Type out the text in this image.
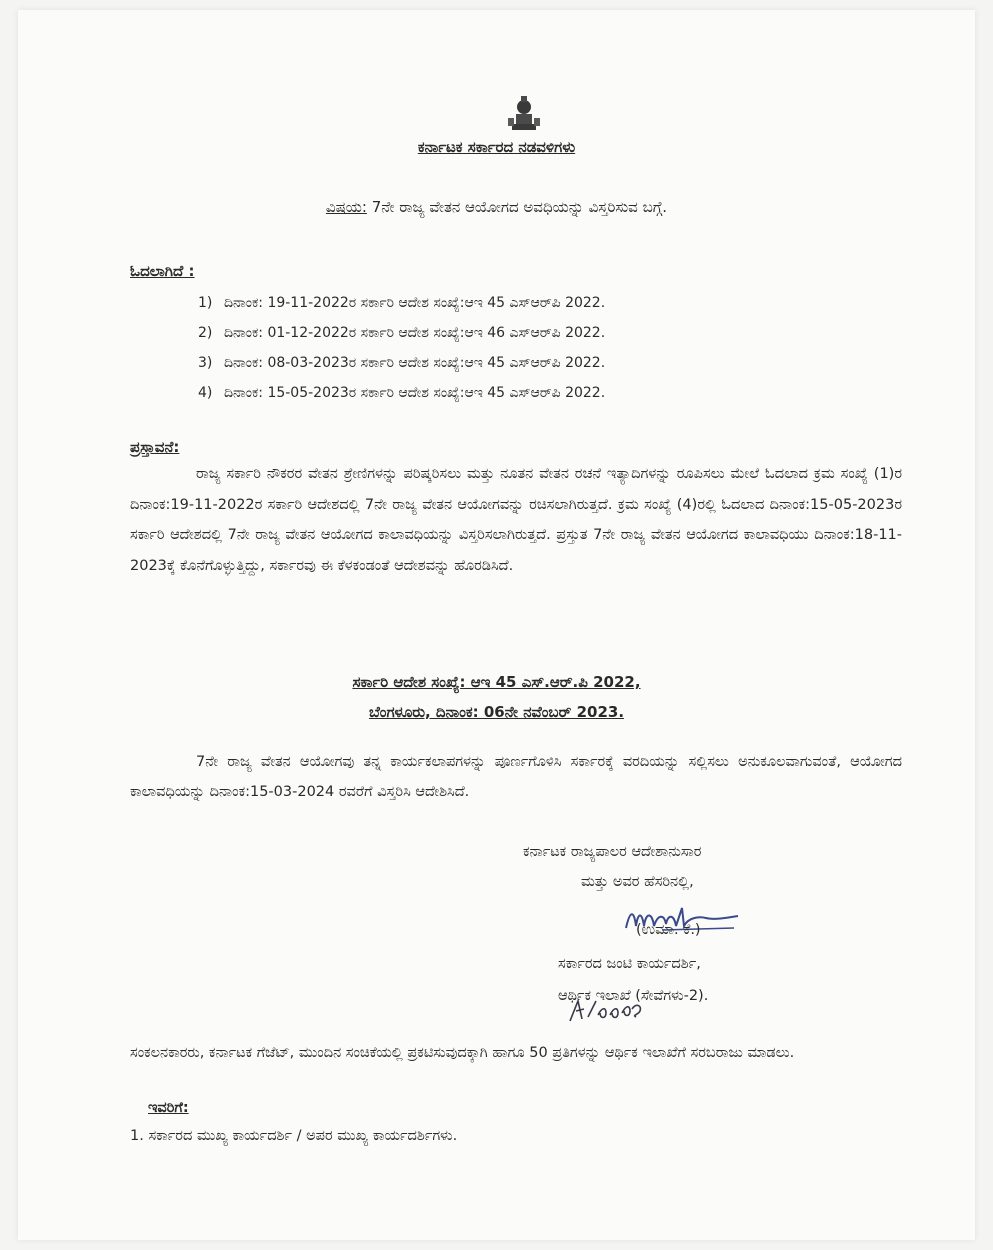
ಕರ್ನಾಟಕ ಸರ್ಕಾರದ ನಡವಳಿಗಳು
ವಿಷಯ: 7ನೇ ರಾಜ್ಯ ವೇತನ ಆಯೋಗದ ಅವಧಿಯನ್ನು ವಿಸ್ತರಿಸುವ ಬಗ್ಗೆ.
ಓದಲಾಗಿದೆ :
1) ದಿನಾಂಕ: 19-11-2022ರ ಸರ್ಕಾರಿ ಆದೇಶ ಸಂಖ್ಯೆ:ಆಇ 45 ಎಸ್‌ಆರ್‌ಪಿ 2022.
2) ದಿನಾಂಕ: 01-12-2022ರ ಸರ್ಕಾರಿ ಆದೇಶ ಸಂಖ್ಯೆ:ಆಇ 46 ಎಸ್‌ಆರ್‌ಪಿ 2022.
3) ದಿನಾಂಕ: 08-03-2023ರ ಸರ್ಕಾರಿ ಆದೇಶ ಸಂಖ್ಯೆ:ಆಇ 45 ಎಸ್‌ಆರ್‌ಪಿ 2022.
4) ದಿನಾಂಕ: 15-05-2023ರ ಸರ್ಕಾರಿ ಆದೇಶ ಸಂಖ್ಯೆ:ಆಇ 45 ಎಸ್‌ಆರ್‌ಪಿ 2022.
ಪ್ರಸ್ತಾವನೆ:
ರಾಜ್ಯ ಸರ್ಕಾರಿ ನೌಕರರ ವೇತನ ಶ್ರೇಣಿಗಳನ್ನು ಪರಿಷ್ಕರಿಸಲು ಮತ್ತು ನೂತನ ವೇತನ ರಚನೆ ಇತ್ಯಾದಿಗಳನ್ನು ರೂಪಿಸಲು ಮೇಲೆ ಓದಲಾದ ಕ್ರಮ ಸಂಖ್ಯೆ (1)ರ ದಿನಾಂಕ:19-11-2022ರ ಸರ್ಕಾರಿ ಆದೇಶದಲ್ಲಿ 7ನೇ ರಾಜ್ಯ ವೇತನ ಆಯೋಗವನ್ನು ರಚಿಸಲಾಗಿರುತ್ತದೆ. ಕ್ರಮ ಸಂಖ್ಯೆ (4)ರಲ್ಲಿ ಓದಲಾದ ದಿನಾಂಕ:15-05-2023ರ ಸರ್ಕಾರಿ ಆದೇಶದಲ್ಲಿ 7ನೇ ರಾಜ್ಯ ವೇತನ ಆಯೋಗದ ಕಾಲಾವಧಿಯನ್ನು ವಿಸ್ತರಿಸಲಾಗಿರುತ್ತದೆ. ಪ್ರಸ್ತುತ 7ನೇ ರಾಜ್ಯ ವೇತನ ಆಯೋಗದ ಕಾಲಾವಧಿಯು ದಿನಾಂಕ:18-11-2023ಕ್ಕೆ ಕೊನೆಗೊಳ್ಳುತ್ತಿದ್ದು, ಸರ್ಕಾರವು ಈ ಕೆಳಕಂಡಂತೆ ಆದೇಶವನ್ನು ಹೊರಡಿಸಿದೆ.
ಸರ್ಕಾರಿ ಆದೇಶ ಸಂಖ್ಯೆ: ಆಇ 45 ಎಸ್.ಆರ್.ಪಿ 2022,
ಬೆಂಗಳೂರು, ದಿನಾಂಕ: 06ನೇ ನವೆಂಬರ್ 2023.
7ನೇ ರಾಜ್ಯ ವೇತನ ಆಯೋಗವು ತನ್ನ ಕಾರ್ಯಕಲಾಪಗಳನ್ನು ಪೂರ್ಣಗೊಳಿಸಿ ಸರ್ಕಾರಕ್ಕೆ ವರದಿಯನ್ನು ಸಲ್ಲಿಸಲು ಅನುಕೂಲವಾಗುವಂತೆ, ಆಯೋಗದ ಕಾಲಾವಧಿಯನ್ನು ದಿನಾಂಕ:15-03-2024 ರವರೆಗೆ ವಿಸ್ತರಿಸಿ ಆದೇಶಿಸಿದೆ.
ಕರ್ನಾಟಕ ರಾಜ್ಯಪಾಲರ ಆದೇಶಾನುಸಾರ
ಮತ್ತು ಅವರ ಹೆಸರಿನಲ್ಲಿ,
(ಉಮಾ. ಕೆ.)
ಸರ್ಕಾರದ ಜಂಟಿ ಕಾರ್ಯದರ್ಶಿ,
ಆರ್ಥಿಕ ಇಲಾಖೆ (ಸೇವೆಗಳು-2).
ಸಂಕಲನಕಾರರು, ಕರ್ನಾಟಕ ಗೆಜೆಟ್, ಮುಂದಿನ ಸಂಚಿಕೆಯಲ್ಲಿ ಪ್ರಕಟಿಸುವುದಕ್ಕಾಗಿ ಹಾಗೂ 50 ಪ್ರತಿಗಳನ್ನು ಆರ್ಥಿಕ ಇಲಾಖೆಗೆ ಸರಬರಾಜು ಮಾಡಲು.
ಇವರಿಗೆ:
1. ಸರ್ಕಾರದ ಮುಖ್ಯ ಕಾರ್ಯದರ್ಶಿ / ಅಪರ ಮುಖ್ಯ ಕಾರ್ಯದರ್ಶಿಗಳು.
